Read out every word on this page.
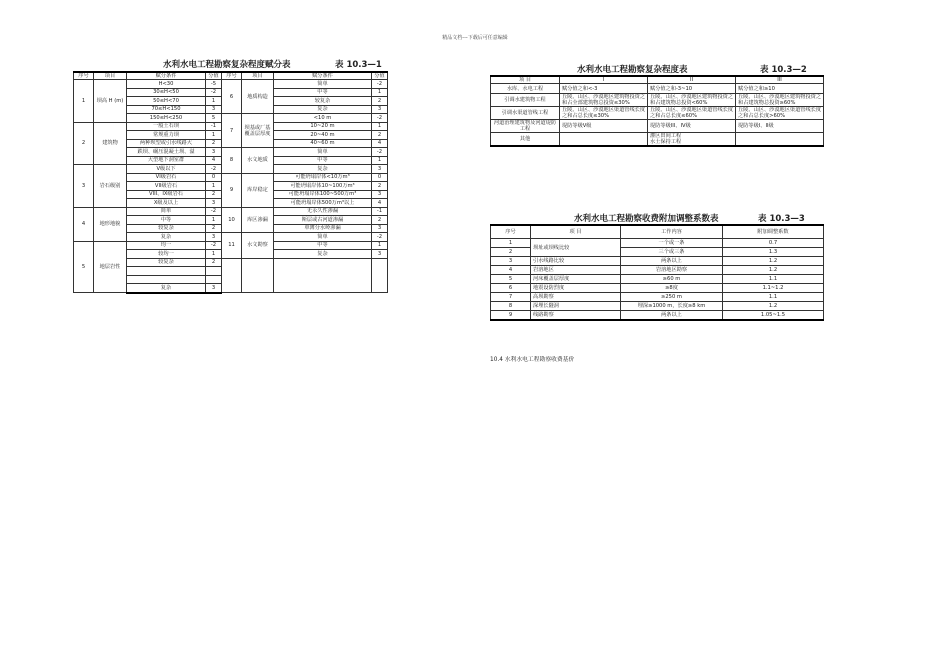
精品文档---下载后可任意编辑
水利水电工程勘察复杂程度赋分表	表 10.3—1
序号	项目	赋分条件	分值	序号	项目	赋分条件	分值
1	坝高 H (m)	H<30	-5	6	地质构造	简单	-2
		30≤H<50	-2			中等	1
		50≤H<70	1			较复杂	2
		70≤H<150	3			复杂	3
		150≤H<250	5	7	坝基或厂基覆盖层厚度	<10 m	-2
2	建筑物	一般土石坝	-1			10~20 m	1
		常规重力坝	1			20~40 m	2
		两种坝型或引水线路大	2			40~60 m	4
		跌坝、碾压混凝土坝、溢	3	8	水文地质	简单	-2
		大型地下洞室群	4			中等	1
3	岩石级别	V级以下	-2			复杂	3
		VI级岩石	0	9	库岸稳定	可能坍塌岸体<10万m³	0
		VII级岩石	1			可能坍塌岸体10~100万m³	2
		VIII、IX级岩石	2			可能坍塌岸体100~500万m³	3
		X级及以上	3			可能坍塌岸体500万m³以上	4
4	地形地貌	简单	-2	10	库区渗漏	无永久性渗漏	-1
		中等	1			斯层或古河道渗漏	2
		较复杂	2			单薄分水岭渗漏	3
		复杂	3	11	水文勘察	简单	-2
5	地层岩性	均一	-2			中等	1
		较均一	1			复杂	3
		较复杂	2				

		复杂	3				
水利水电工程勘察复杂程度表	表 10.3—2
项 目	I	II	III
水库、水电工程	赋分值之和<-3	赋分值之和-3~10	赋分值之和≥10
引调水建筑物工程	丘陵、山区、沙漠地区建筑物投资之和占全部建筑物总投资≤30%	丘陵、山区、沙漠地区建筑物投资之和占建筑物总投资<60%	丘陵、山区、沙漠地区建筑物投资之和占建筑物总投资≥60%
引调水渠道管线工程	丘陵、山区、沙漠地区渠道管线长度之和占总长度≤30%	丘陵、山区、沙漠地区渠道管线长度之和占总长度≤60%	丘陵、山区、沙漠地区渠道管线长度之和占总长度>60%
河道治理建筑物及河道堤防工程	堤防等级V级	堤防等级III、IV级	堤防等级I、II级
其他		灌区田间工程
水土保持工程	
水利水电工程勘察收费附加调整系数表	表 10.3—3
序号	项 目	工作内容	附加调整系数
1	坝址或坝线比较	一个或一条	0.7
2		三个或三条	1.3
3	引水线路比较	两条以上	1.2
4	岩溶地区	岩溶地区勘察	1.2
5	河床覆盖层厚度	≥60 m	1.1
6	地震设防烈度	≥8度	1.1~1.2
7	高坝勘察	≥250 m	1.1
8	深埋长隧洞	埋深≥1000 m，长度≥8 km	1.2
9	线路勘察	两条以上	1.05~1.5
10.4 水利水电工程勘察收费基价
